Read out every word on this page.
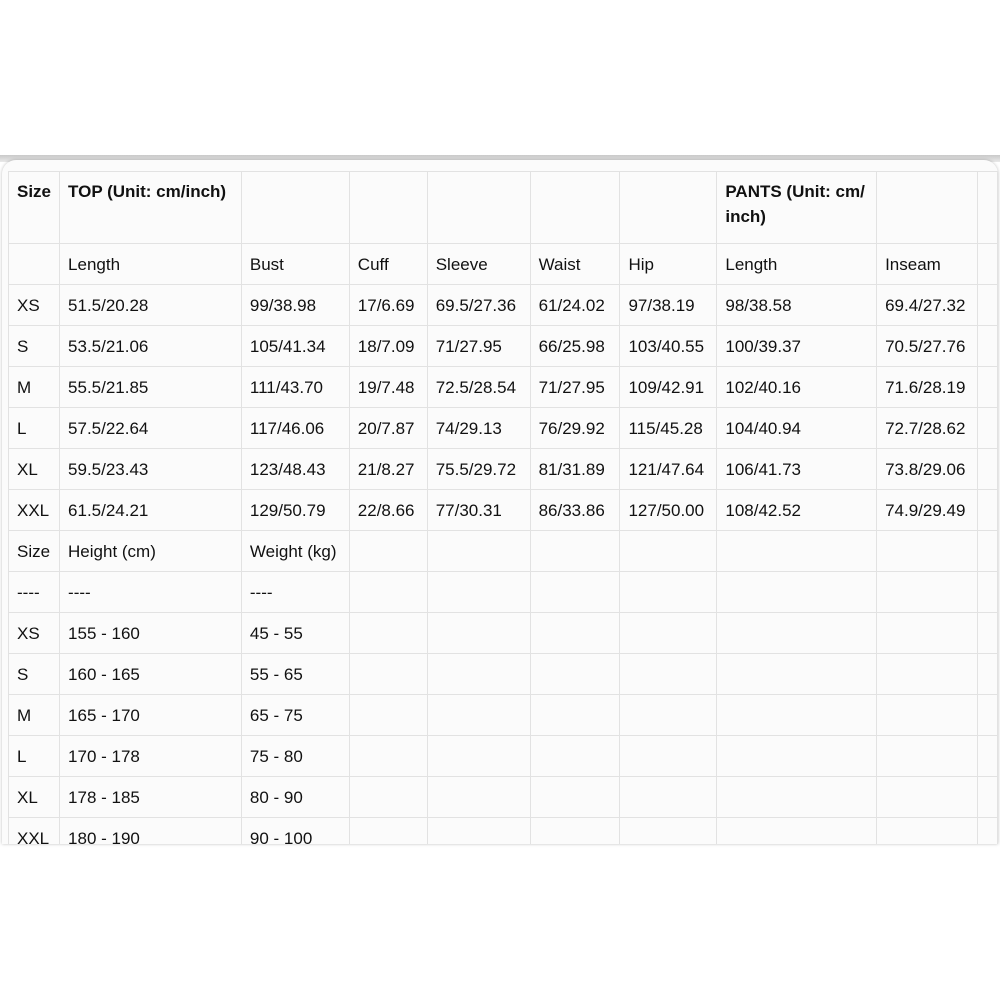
Size	TOP (Unit: cm/inch)						PANTS (Unit: cm/ inch)		
	Length	Bust	Cuff	Sleeve	Waist	Hip	Length	Inseam	
XS	51.5/20.28	99/38.98	17/6.69	69.5/27.36	61/24.02	97/38.19	98/38.58	69.4/27.32	
S	53.5/21.06	105/41.34	18/7.09	71/27.95	66/25.98	103/40.55	100/39.37	70.5/27.76	
M	55.5/21.85	111/43.70	19/7.48	72.5/28.54	71/27.95	109/42.91	102/40.16	71.6/28.19	
L	57.5/22.64	117/46.06	20/7.87	74/29.13	76/29.92	115/45.28	104/40.94	72.7/28.62	
XL	59.5/23.43	123/48.43	21/8.27	75.5/29.72	81/31.89	121/47.64	106/41.73	73.8/29.06	
XXL	61.5/24.21	129/50.79	22/8.66	77/30.31	86/33.86	127/50.00	108/42.52	74.9/29.49	
Size	Height (cm)	Weight (kg)							
----	----	----							
XS	155 - 160	45 - 55							
S	160 - 165	55 - 65							
M	165 - 170	65 - 75							
L	170 - 178	75 - 80							
XL	178 - 185	80 - 90							
XXL	180 - 190	90 - 100							
